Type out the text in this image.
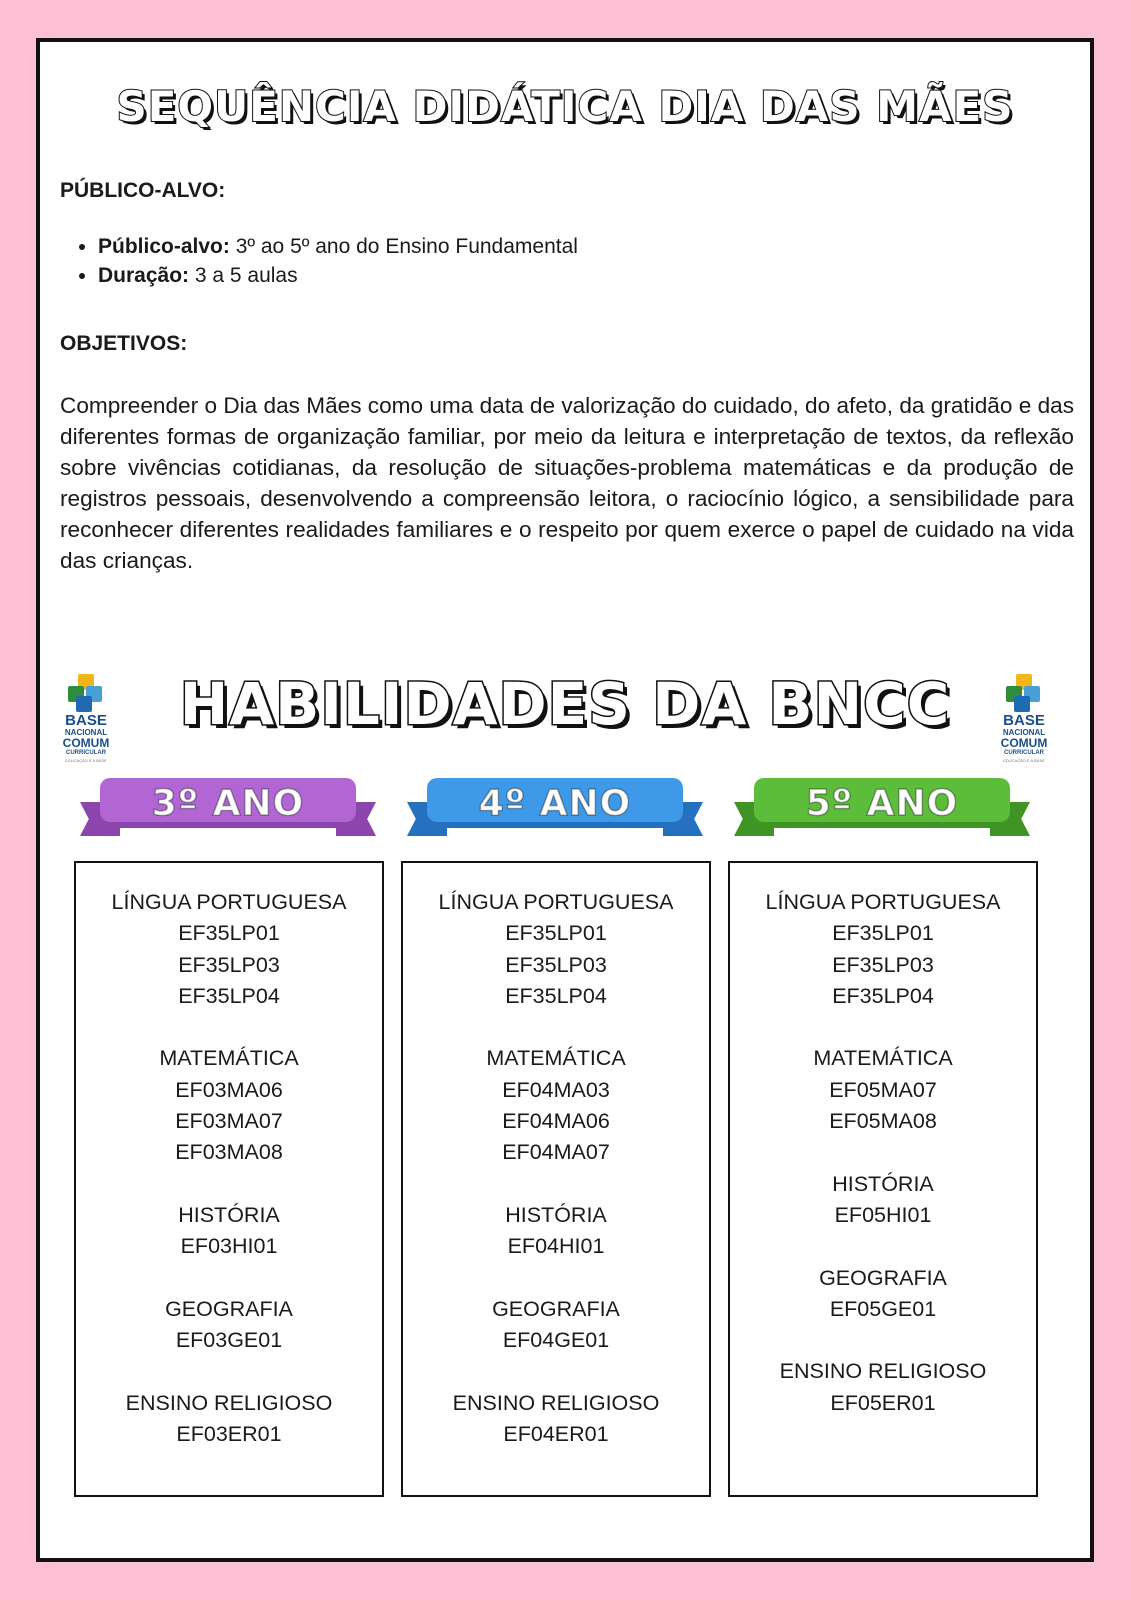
SEQUÊNCIA DIDÁTICA DIA DAS MÃES
PÚBLICO-ALVO:
• Público-alvo: 3º ao 5º ano do Ensino Fundamental
• Duração: 3 a 5 aulas
OBJETIVOS:
Compreender o Dia das Mães como uma data de valorização do cuidado, do afeto, da gratidão e das diferentes formas de organização familiar, por meio da leitura e interpretação de textos, da reflexão sobre vivências cotidianas, da resolução de situações-problema matemáticas e da produção de registros pessoais, desenvolvendo a compreensão leitora, o raciocínio lógico, a sensibilidade para reconhecer diferentes realidades familiares e o respeito por quem exerce o papel de cuidado na vida das crianças.
BASE
NACIONAL
COMUM
CURRICULAR
EDUCAÇÃO É A BASE
HABILIDADES DA BNCC	BASE
NACIONAL
COMUM
CURRICULAR
EDUCAÇÃO É A BASE
3º ANO
LÍNGUA PORTUGUESA
EF35LP01
EF35LP03
EF35LP04
MATEMÁTICA
EF03MA06
EF03MA07
EF03MA08
HISTÓRIA
EF03HI01
GEOGRAFIA
EF03GE01
ENSINO RELIGIOSO
EF03ER01
4º ANO
LÍNGUA PORTUGUESA
EF35LP01
EF35LP03
EF35LP04
MATEMÁTICA
EF04MA03
EF04MA06
EF04MA07
HISTÓRIA
EF04HI01
GEOGRAFIA
EF04GE01
ENSINO RELIGIOSO
EF04ER01
5º ANO
LÍNGUA PORTUGUESA
EF35LP01
EF35LP03
EF35LP04
MATEMÁTICA
EF05MA07
EF05MA08
HISTÓRIA
EF05HI01
GEOGRAFIA
EF05GE01
ENSINO RELIGIOSO
EF05ER01
